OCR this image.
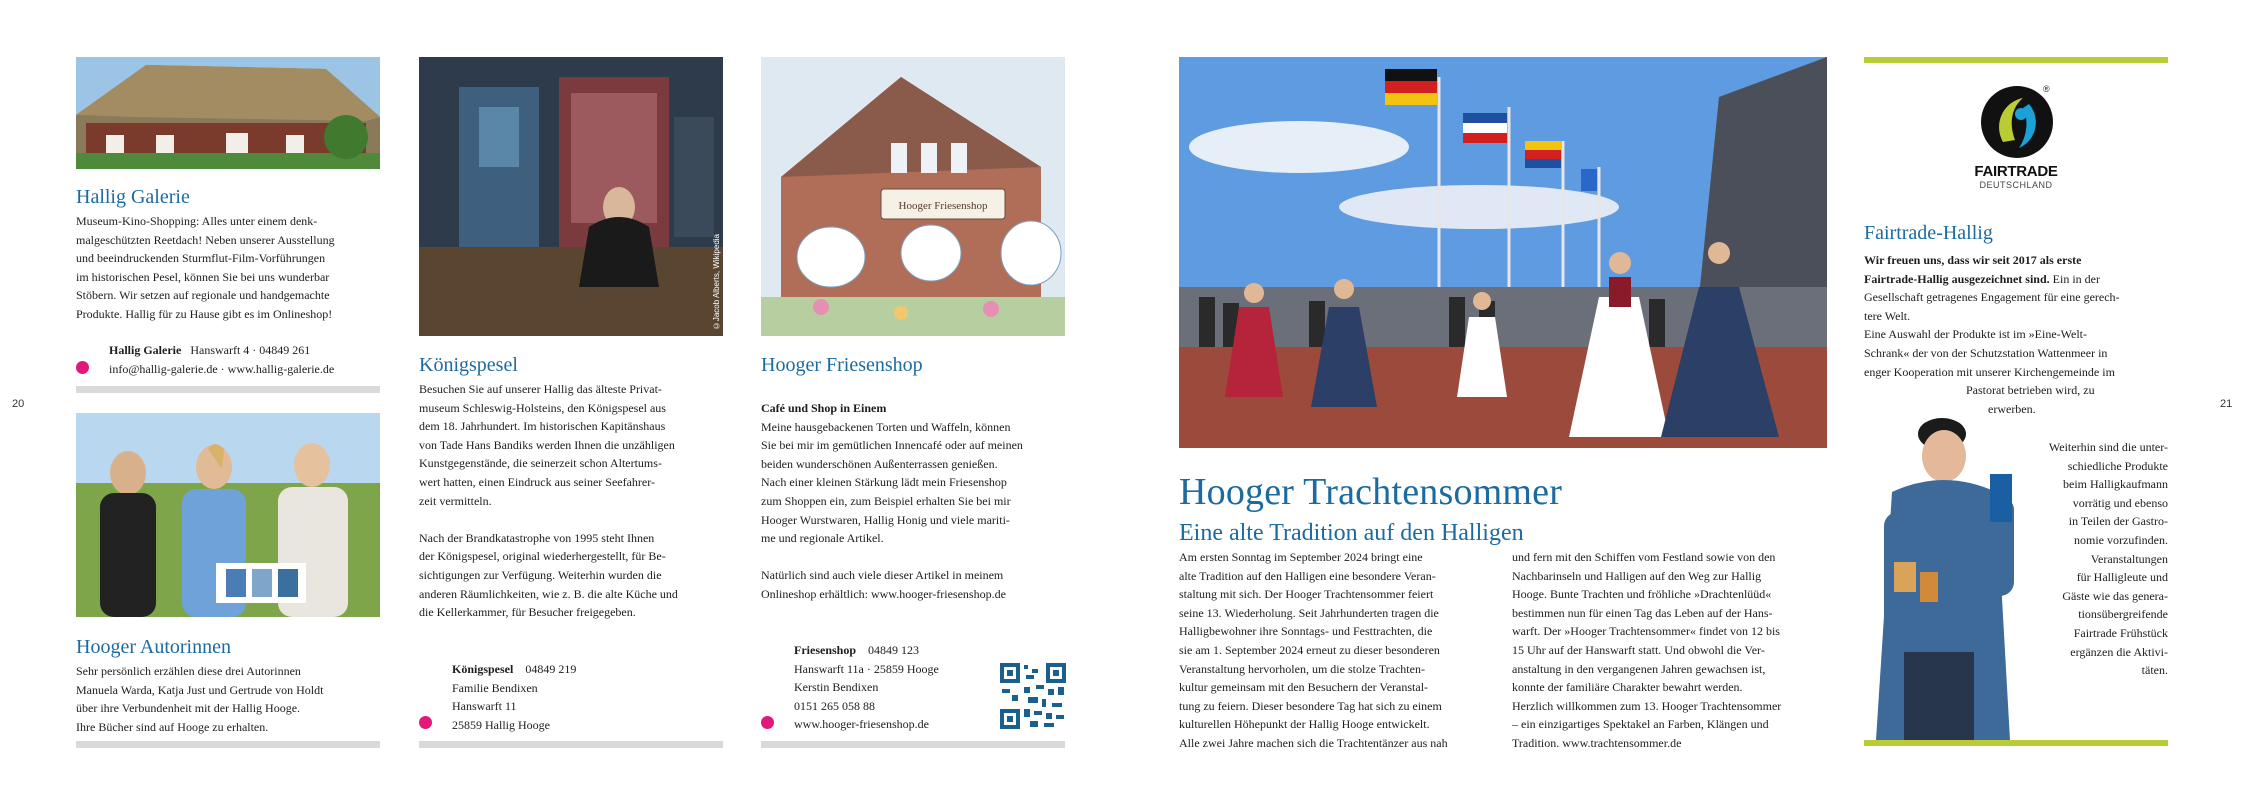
20	21
Hallig Galerie
Museum-Kino-Shopping: Alles unter einem denk-
malgeschützten Reetdach! Neben unserer Ausstellung
und beeindruckenden Sturmflut-Film-Vorführungen
im historischen Pesel, können Sie bei uns wunderbar
Stöbern. Wir setzen auf regionale und handgemachte
Produkte. Hallig für zu Hause gibt es im Onlineshop!
Hallig Galerie Hanswarft 4 · 04849 261
info@hallig-galerie.de · www.hallig-galerie.de
Hooger Autorinnen
Sehr persönlich erzählen diese drei Autorinnen
Manuela Warda, Katja Just und Gertrude von Holdt
über ihre Verbundenheit mit der Hallig Hooge.
Ihre Bücher sind auf Hooge zu erhalten.
©Jacob Alberts, Wikipedia
Königspesel
Besuchen Sie auf unserer Hallig das älteste Privat-
museum Schleswig-Holsteins, den Königspesel aus
dem 18. Jahrhundert. Im historischen Kapitänshaus
von Tade Hans Bandiks werden Ihnen die unzähligen
Kunstgegenstände, die seinerzeit schon Altertums-
wert hatten, einen Eindruck aus seiner Seefahrer-
zeit vermitteln.

Nach der Brandkatastrophe von 1995 steht Ihnen
der Königspesel, original wiederhergestellt, für Be-
sichtigungen zur Verfügung. Weiterhin wurden die
anderen Räumlichkeiten, wie z. B. die alte Küche und
die Kellerkammer, für Besucher freigegeben.
Königspesel 04849 219
Familie Bendixen
Hanswarft 11
25859 Hallig Hooge
Hooger Friesenshop
Hooger Friesenshop
Café und Shop in Einem
Meine hausgebackenen Torten und Waffeln, können
Sie bei mir im gemütlichen Innencafé oder auf meinen
beiden wunderschönen Außenterrassen genießen.
Nach einer kleinen Stärkung lädt mein Friesenshop
zum Shoppen ein, zum Beispiel erhalten Sie bei mir
Hooger Wurstwaren, Hallig Honig und viele mariti-
me und regionale Artikel.

Natürlich sind auch viele dieser Artikel in meinem
Onlineshop erhältlich: www.hooger-friesenshop.de
Friesenshop 04849 123
Hanswarft 11a · 25859 Hooge
Kerstin Bendixen
0151 265 058 88
www.hooger-friesenshop.de
Hooger Trachtensommer
Eine alte Tradition auf den Halligen
Am ersten Sonntag im September 2024 bringt eine
alte Tradition auf den Halligen eine besondere Veran-
staltung mit sich. Der Hooger Trachtensommer feiert
seine 13. Wiederholung. Seit Jahrhunderten tragen die
Halligbewohner ihre Sonntags- und Festtrachten, die
sie am 1. September 2024 erneut zu dieser besonderen
Veranstaltung hervorholen, um die stolze Trachten-
kultur gemeinsam mit den Besuchern der Veranstal-
tung zu feiern. Dieser besondere Tag hat sich zu einem
kulturellen Höhepunkt der Hallig Hooge entwickelt.
Alle zwei Jahre machen sich die Trachtentänzer aus nah
und fern mit den Schiffen vom Festland sowie von den
Nachbarinseln und Halligen auf den Weg zur Hallig
Hooge. Bunte Trachten und fröhliche »Drachtenlüüd«
bestimmen nun für einen Tag das Leben auf der Hans-
warft. Der »Hooger Trachtensommer« findet von 12 bis
15 Uhr auf der Hanswarft statt. Und obwohl die Ver-
anstaltung in den vergangenen Jahren gewachsen ist,
konnte der familiäre Charakter bewahrt werden.
Herzlich willkommen zum 13. Hooger Trachtensommer
– ein einzigartiges Spektakel an Farben, Klängen und
Tradition. www.trachtensommer.de
®
FAIRTRADE
DEUTSCHLAND
Fairtrade-Hallig
Wir freuen uns, dass wir seit 2017 als erste
Fairtrade-Hallig ausgezeichnet sind. Ein in der
Gesellschaft getragenes Engagement für eine gerech-
tere Welt.
Eine Auswahl der Produkte ist im »Eine-Welt-
Schrank« der von der Schutzstation Wattenmeer in
enger Kooperation mit unserer Kirchengemeinde im
Pastorat betrieben wird, zu
erwerben.
Weiterhin sind die unter-
schiedliche Produkte
beim Halligkaufmann
vorrätig und ebenso
in Teilen der Gastro-
nomie vorzufinden.
Veranstaltungen
für Halligleute und
Gäste wie das genera-
tionsübergreifende
Fairtrade Frühstück
ergänzen die Aktivi-
täten.
